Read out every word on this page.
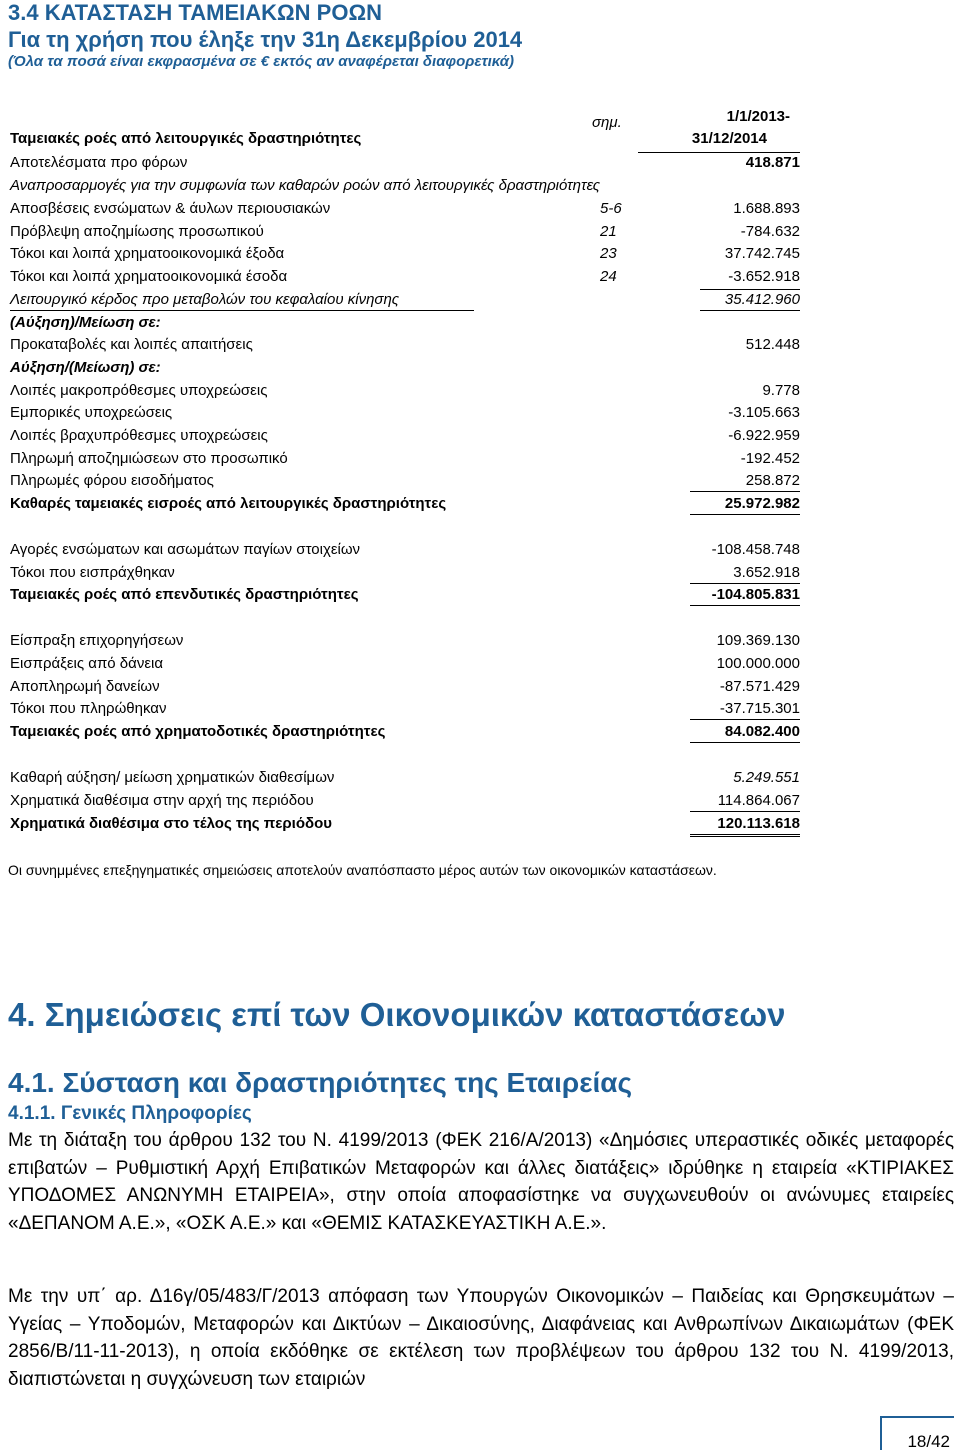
3.4 ΚΑΤΑΣΤΑΣΗ ΤΑΜΕΙΑΚΩΝ ΡΟΩΝ
Για τη χρήση που έληξε την 31η Δεκεμβρίου 2014
(Όλα τα ποσά είναι εκφρασμένα σε € εκτός αν αναφέρεται διαφορετικά)
σημ.	1/1/2013-
31/12/2014
Ταμειακές ροές από λειτουργικές δραστηριότητες
Αποτελέσματα προ φόρων	418.871
Αναπροσαρμογές για την συμφωνία των καθαρών ροών από λειτουργικές δραστηριότητες
Αποσβέσεις ενσώματων & άυλων περιουσιακών	5-6	1.688.893
Πρόβλεψη αποζημίωσης προσωπικού	21	-784.632
Τόκοι και λοιπά χρηματοοικονομικά έξοδα	23	37.742.745
Τόκοι και λοιπά χρηματοοικονομικά έσοδα	24	-3.652.918
Λειτουργικό κέρδος προ μεταβολών του κεφαλαίου κίνησης	35.412.960
(Αύξηση)/Μείωση σε:
Προκαταβολές και λοιπές απαιτήσεις	512.448
Αύξηση/(Μείωση) σε:
Λοιπές μακροπρόθεσμες υποχρεώσεις	9.778
Εμπορικές υποχρεώσεις	-3.105.663
Λοιπές βραχυπρόθεσμες υποχρεώσεις	-6.922.959
Πληρωμή αποζημιώσεων στο προσωπικό	-192.452
Πληρωμές φόρου εισοδήματος	258.872
Καθαρές ταμειακές εισροές από λειτουργικές δραστηριότητες	25.972.982
Αγορές ενσώματων και ασωμάτων παγίων στοιχείων	-108.458.748
Τόκοι που εισπράχθηκαν	3.652.918
Ταμειακές ροές από επενδυτικές δραστηριότητες	-104.805.831
Είσπραξη επιχορηγήσεων	109.369.130
Εισπράξεις από δάνεια	100.000.000
Αποπληρωμή δανείων	-87.571.429
Τόκοι που πληρώθηκαν	-37.715.301
Ταμειακές ροές από χρηματοδοτικές δραστηριότητες	84.082.400
Καθαρή αύξηση/ μείωση χρηματικών διαθεσίμων	5.249.551
Χρηματικά διαθέσιμα στην αρχή της περιόδου	114.864.067
Χρηματικά διαθέσιμα στο τέλος της περιόδου	120.113.618
Οι συνημμένες επεξηγηματικές σημειώσεις αποτελούν αναπόσπαστο μέρος αυτών των οικονομικών καταστάσεων.
4. Σημειώσεις επί των Οικονομικών καταστάσεων
4.1. Σύσταση και δραστηριότητες της Εταιρείας
4.1.1. Γενικές Πληροφορίες
Με τη διάταξη του άρθρου 132 του Ν. 4199/2013 (ΦΕΚ 216/Α/2013) «Δημόσιες υπεραστικές οδικές μεταφορές επιβατών – Ρυθμιστική Αρχή Επιβατικών Μεταφορών και άλλες διατάξεις» ιδρύθηκε η εταιρεία «ΚΤΙΡΙΑΚΕΣ ΥΠΟΔΟΜΕΣ ΑΝΩΝΥΜΗ ΕΤΑΙΡΕΙΑ», στην οποία αποφασίστηκε να συγχωνευθούν οι ανώνυμες εταιρείες «ΔΕΠΑΝΟΜ Α.Ε.», «ΟΣΚ Α.Ε.» και «ΘΕΜΙΣ ΚΑΤΑΣΚΕΥΑΣΤΙΚΗ Α.Ε.».
Με την υπ΄ αρ. Δ16γ/05/483/Γ/2013 απόφαση των Υπουργών Οικονομικών – Παιδείας και Θρησκευμάτων – Υγείας – Υποδομών, Μεταφορών και Δικτύων – Δικαιοσύνης, Διαφάνειας και Ανθρωπίνων Δικαιωμάτων (ΦΕΚ 2856/Β/11-11-2013), η οποία εκδόθηκε σε εκτέλεση των προβλέψεων του άρθρου 132 του Ν. 4199/2013, διαπιστώνεται η συγχώνευση των εταιριών
18/42
